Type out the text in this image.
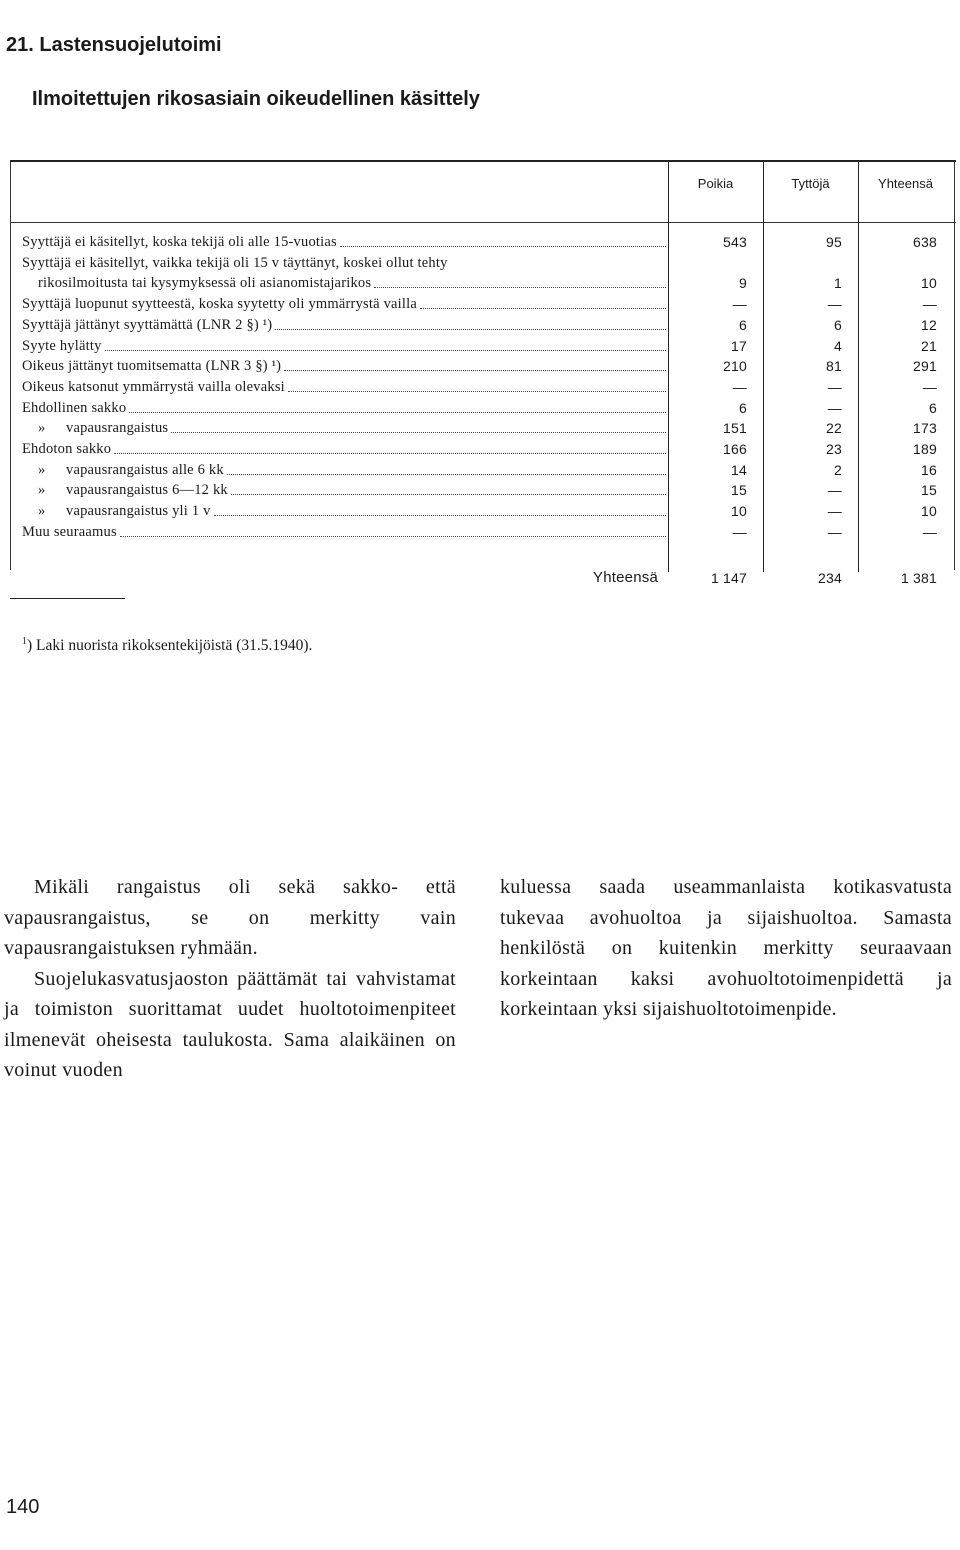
21. Lastensuojelutoimi
Ilmoitettujen rikosasiain oikeudellinen käsittely
Poikia	Tyttöjä	Yhteensä
Syyttäjä ei käsitellyt, koska tekijä oli alle 15-vuotias	543	95	638
Syyttäjä ei käsitellyt, vaikka tekijä oli 15 v täyttänyt, koskei ollut tehty
rikosilmoitusta tai kysymyksessä oli asianomistajarikos	9	1	10
Syyttäjä luopunut syytteestä, koska syytetty oli ymmärrystä vailla	—	—	—
Syyttäjä jättänyt syyttämättä (LNR 2 §) ¹)	6	6	12
Syyte hylätty	17	4	21
Oikeus jättänyt tuomitsematta (LNR 3 §) ¹)	210	81	291
Oikeus katsonut ymmärrystä vailla olevaksi	—	—	—
Ehdollinen sakko	6	—	6
» vapausrangaistus	151	22	173
Ehdoton sakko	166	23	189
» vapausrangaistus alle 6 kk	14	2	16
» vapausrangaistus 6—12 kk	15	—	15
» vapausrangaistus yli 1 v	10	—	10
Muu seuraamus	—	—	—
Yhteensä	1 147	234	1 381
$^1$) Laki nuorista rikoksentekijöistä (31.5.1940).

Mikäli rangaistus oli sekä sakko- että vapausrangaistus, se on merkitty vain vapausrangaistuksen ryhmään.

Suojelukasvatusjaoston päättämät tai vahvistamat ja toimiston suorittamat uudet huoltotoimenpiteet ilmenevät oheisesta taulukosta. Sama alaikäinen on voinut vuoden

kuluessa saada useammanlaista kotikasvatusta tukevaa avohuoltoa ja sijaishuoltoa. Samasta henkilöstä on kuitenkin merkitty seuraavaan korkeintaan kaksi avohuoltotoimenpidettä ja korkeintaan yksi sijaishuoltotoimenpide.

140
